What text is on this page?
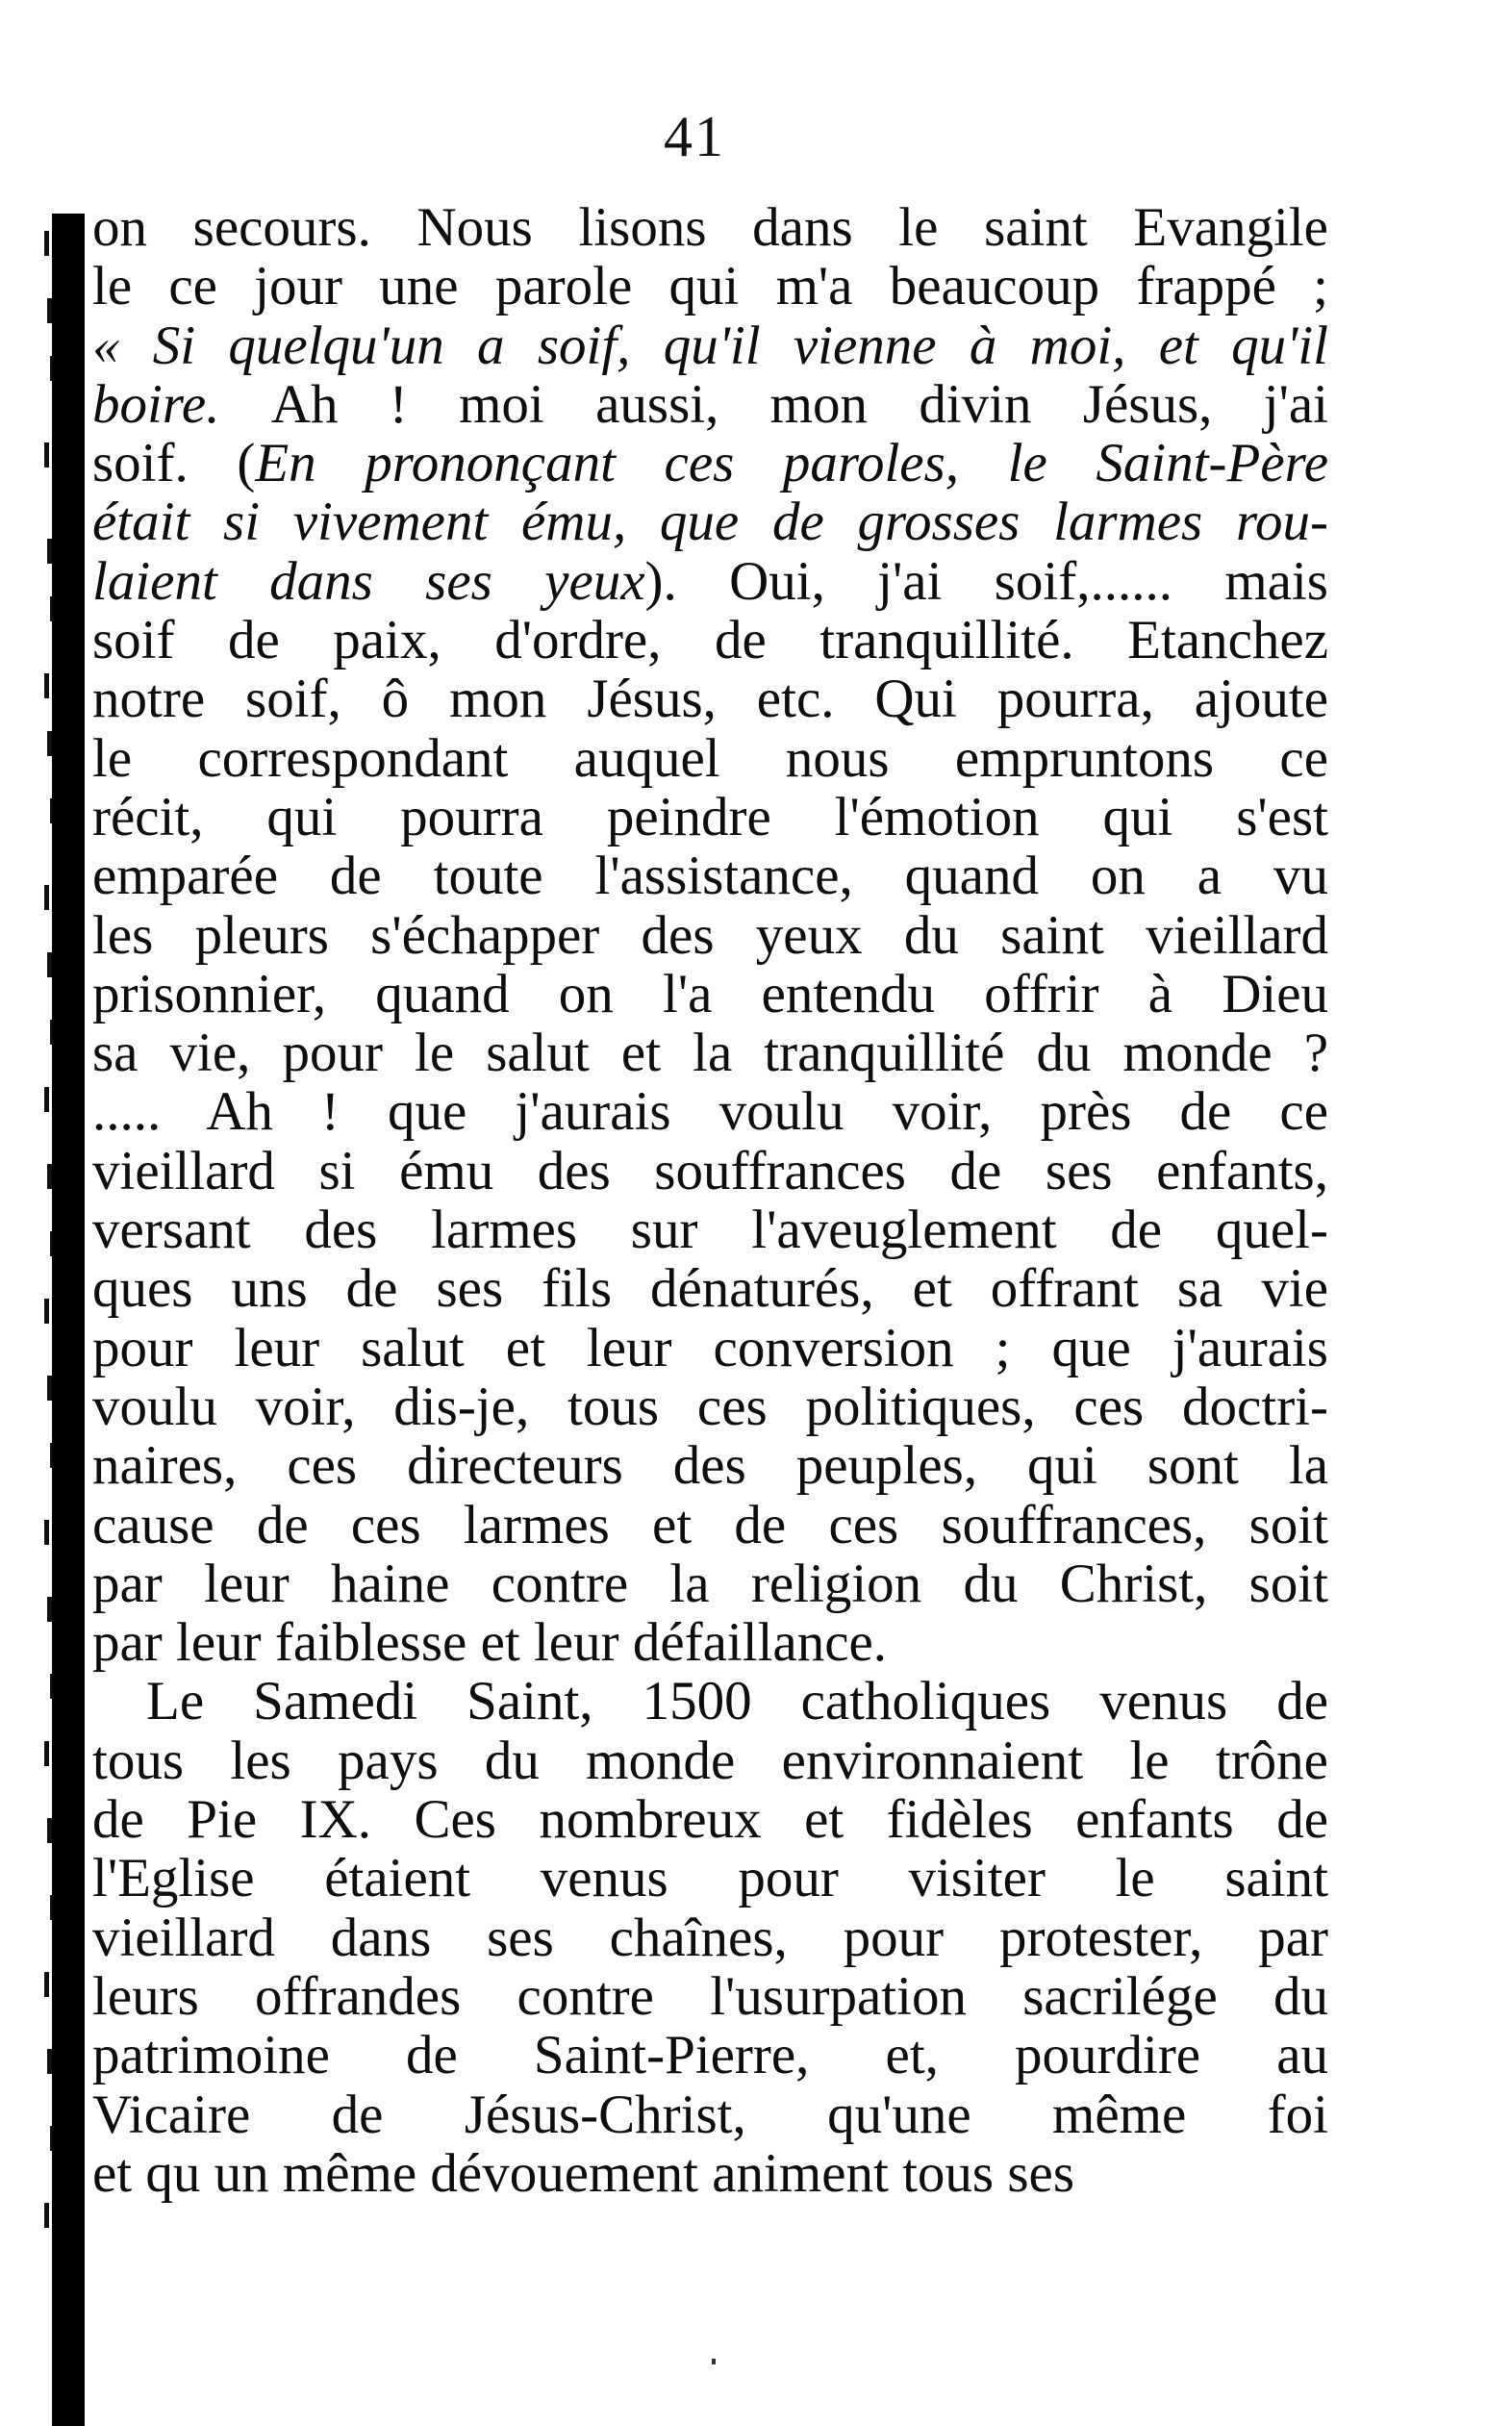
41
on secours. Nous lisons dans le saint Evangile
le ce jour une parole qui m'a beaucoup frappé ;
« Si quelqu'un a soif, qu'il vienne à moi, et qu'il
boire. Ah ! moi aussi, mon divin Jésus, j'ai
soif. (En prononçant ces paroles, le Saint-Père
était si vivement ému, que de grosses larmes rou-
laient dans ses yeux). Oui, j'ai soif,...... mais
soif de paix, d'ordre, de tranquillité. Etanchez
notre soif, ô mon Jésus, etc. Qui pourra, ajoute
le correspondant auquel nous empruntons ce
récit, qui pourra peindre l'émotion qui s'est
emparée de toute l'assistance, quand on a vu
les pleurs s'échapper des yeux du saint vieillard
prisonnier, quand on l'a entendu offrir à Dieu
sa vie, pour le salut et la tranquillité du monde ?
..... Ah ! que j'aurais voulu voir, près de ce
vieillard si ému des souffrances de ses enfants,
versant des larmes sur l'aveuglement de quel-
ques uns de ses fils dénaturés, et offrant sa vie
pour leur salut et leur conversion ; que j'aurais
voulu voir, dis-je, tous ces politiques, ces doctri-
naires, ces directeurs des peuples, qui sont la
cause de ces larmes et de ces souffrances, soit
par leur haine contre la religion du Christ, soit
par leur faiblesse et leur défaillance.
Le Samedi Saint, 1500 catholiques venus de
tous les pays du monde environnaient le trône
de Pie IX. Ces nombreux et fidèles enfants de
l'Eglise étaient venus pour visiter le saint
vieillard dans ses chaînes, pour protester, par
leurs offrandes contre l'usurpation sacrilége du
patrimoine de Saint-Pierre, et, pourdire au
Vicaire de Jésus-Christ, qu'une même foi
et qu un même dévouement animent tous ses
